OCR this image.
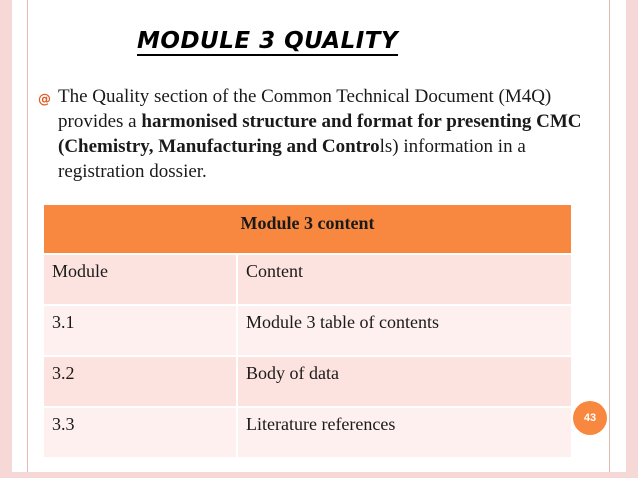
MODULE 3 QUALITY
@ The Quality section of the Common Technical Document (M4Q) provides a harmonised structure and format for presenting CMC (Chemistry, Manufacturing and Controls) information in a registration dossier.
Module 3 content	
Module	Content
3.1	Module 3 table of contents
3.2	Body of data
3.3	Literature references	43
